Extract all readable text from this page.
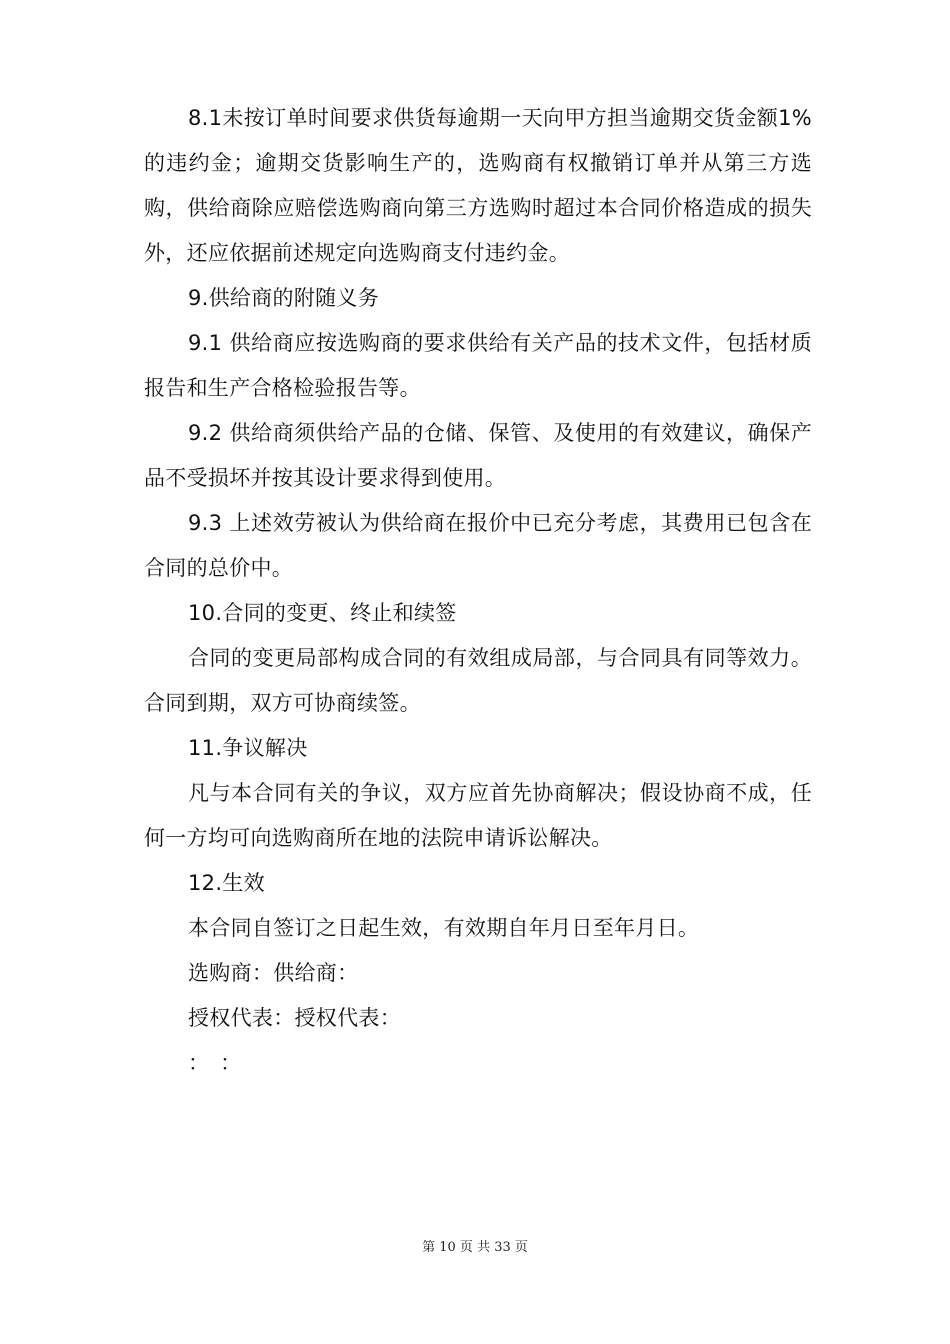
8.1未按订单时间要求供货每逾期一天向甲方担当逾期交货金额1%的违约金；逾期交货影响生产的，选购商有权撤销订单并从第三方选购，供给商除应赔偿选购商向第三方选购时超过本合同价格造成的损失外，还应依据前述规定向选购商支付违约金。

9.供给商的附随义务

9.1 供给商应按选购商的要求供给有关产品的技术文件，包括材质报告和生产合格检验报告等。

9.2 供给商须供给产品的仓储、保管、及使用的有效建议，确保产品不受损坏并按其设计要求得到使用。

9.3 上述效劳被认为供给商在报价中已充分考虑，其费用已包含在合同的总价中。

10.合同的变更、终止和续签

合同的变更局部构成合同的有效组成局部，与合同具有同等效力。合同到期，双方可协商续签。

11.争议解决

凡与本合同有关的争议，双方应首先协商解决；假设协商不成，任何一方均可向选购商所在地的法院申请诉讼解决。

12.生效

本合同自签订之日起生效，有效期自年月日至年月日。

选购商：供给商：

授权代表：授权代表：

：　：

第 10 页 共 33 页
